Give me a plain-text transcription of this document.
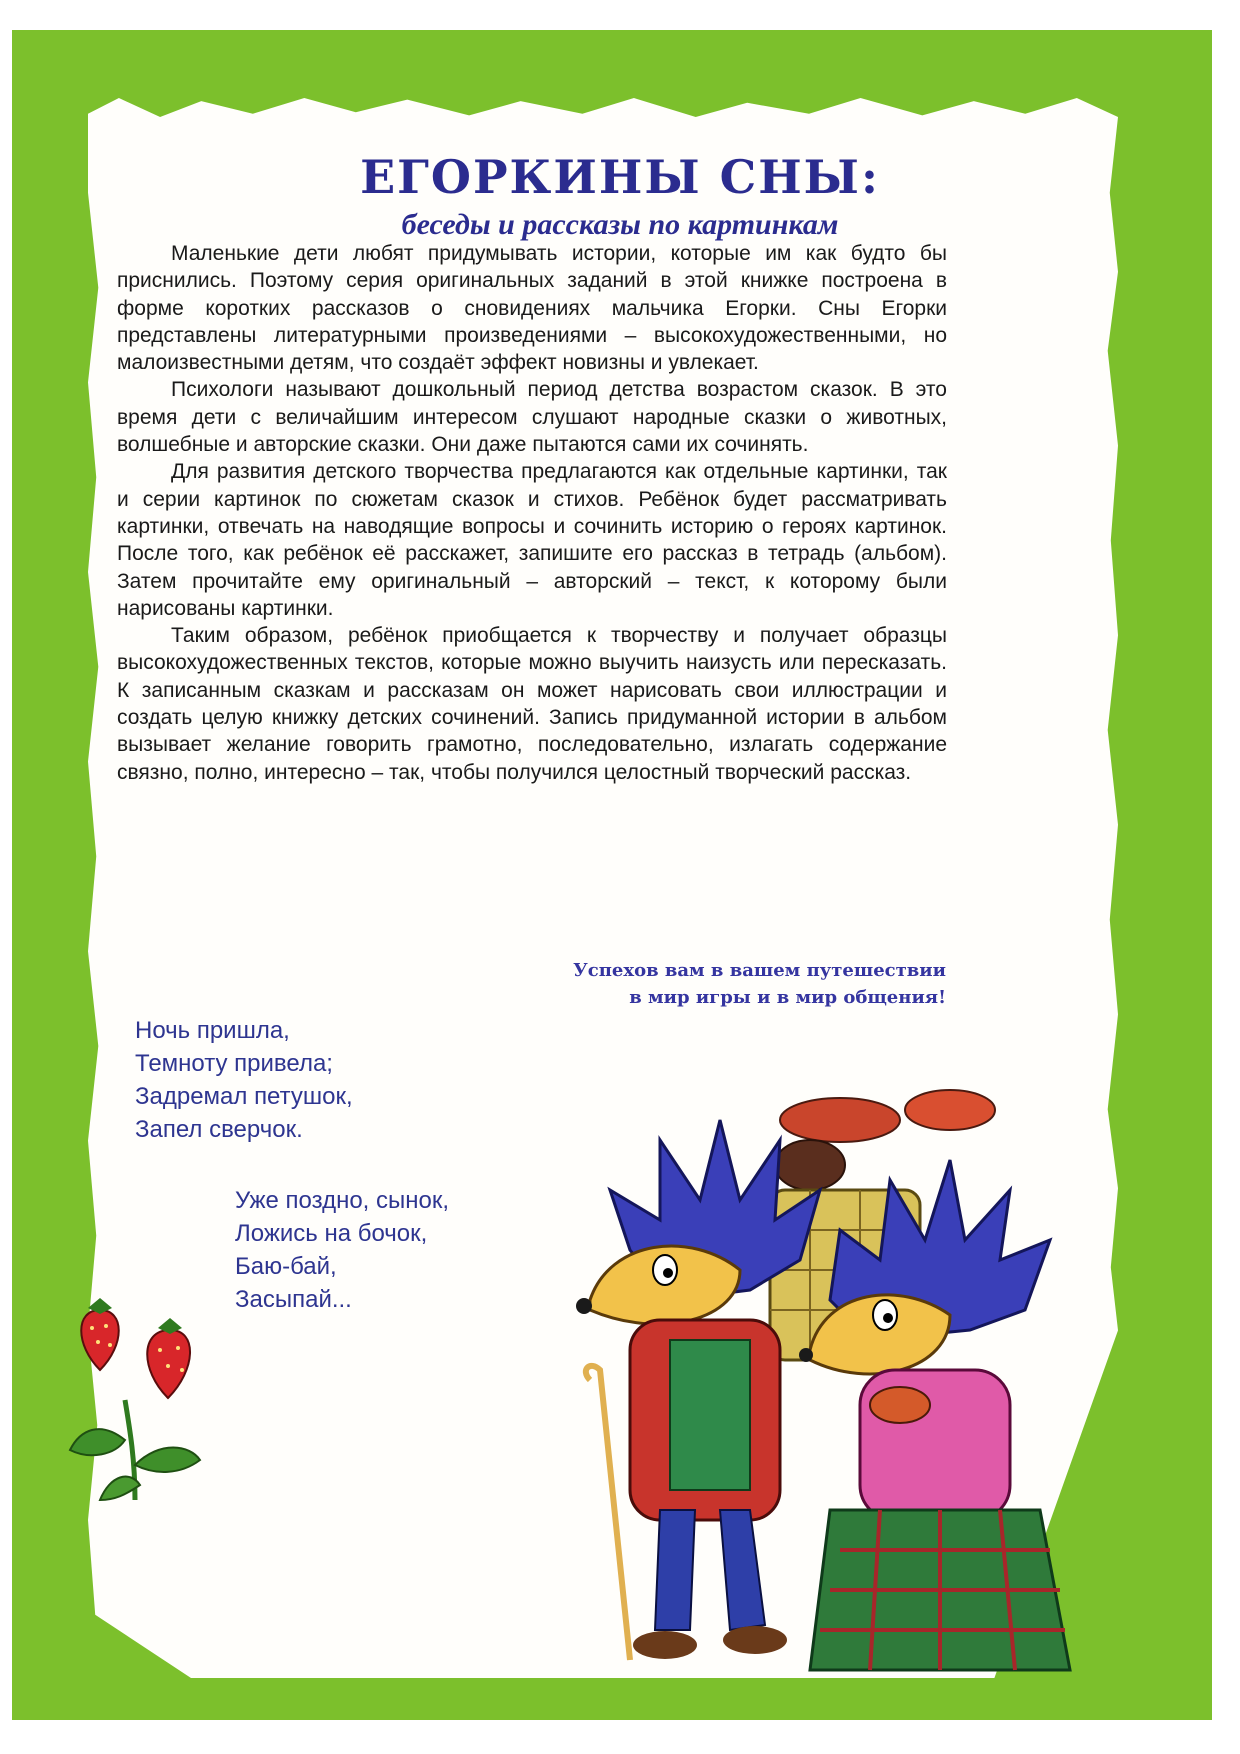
ЕГОРКИНЫ СНЫ:
беседы и рассказы по картинкам

Маленькие дети любят придумывать истории, которые им как будто бы приснились. Поэтому серия оригинальных заданий в этой книжке построена в форме коротких рассказов о сновидениях мальчика Егорки. Сны Егорки представлены литературными произведениями – высокохудожественными, но малоизвестными детям, что создаёт эффект новизны и увлекает.

Психологи называют дошкольный период детства возрастом сказок. В это время дети с величайшим интересом слушают народные сказки о животных, волшебные и авторские сказки. Они даже пытаются сами их сочинять.

Для развития детского творчества предлагаются как отдельные картинки, так и серии картинок по сюжетам сказок и стихов. Ребёнок будет рассматривать картинки, отвечать на наводящие вопросы и сочинить историю о героях картинок. После того, как ребёнок её расскажет, запишите его рассказ в тетрадь (альбом). Затем прочитайте ему оригинальный – авторский – текст, к которому были нарисованы картинки.

Таким образом, ребёнок приобщается к творчеству и получает образцы высокохудожественных текстов, которые можно выучить наизусть или пересказать. К записанным сказкам и рассказам он может нарисовать свои иллюстрации и создать целую книжку детских сочинений. Запись придуманной истории в альбом вызывает желание говорить грамотно, последовательно, излагать содержание связно, полно, интересно – так, чтобы получился целостный творческий рассказ.

Успехов вам в вашем путешествии
в мир игры и в мир общения!
Ночь пришла,
Темноту привела;
Задремал петушок,
Запел сверчок.
Уже поздно, сынок,
Ложись на бочок,
Баю-бай,
Засыпай...
